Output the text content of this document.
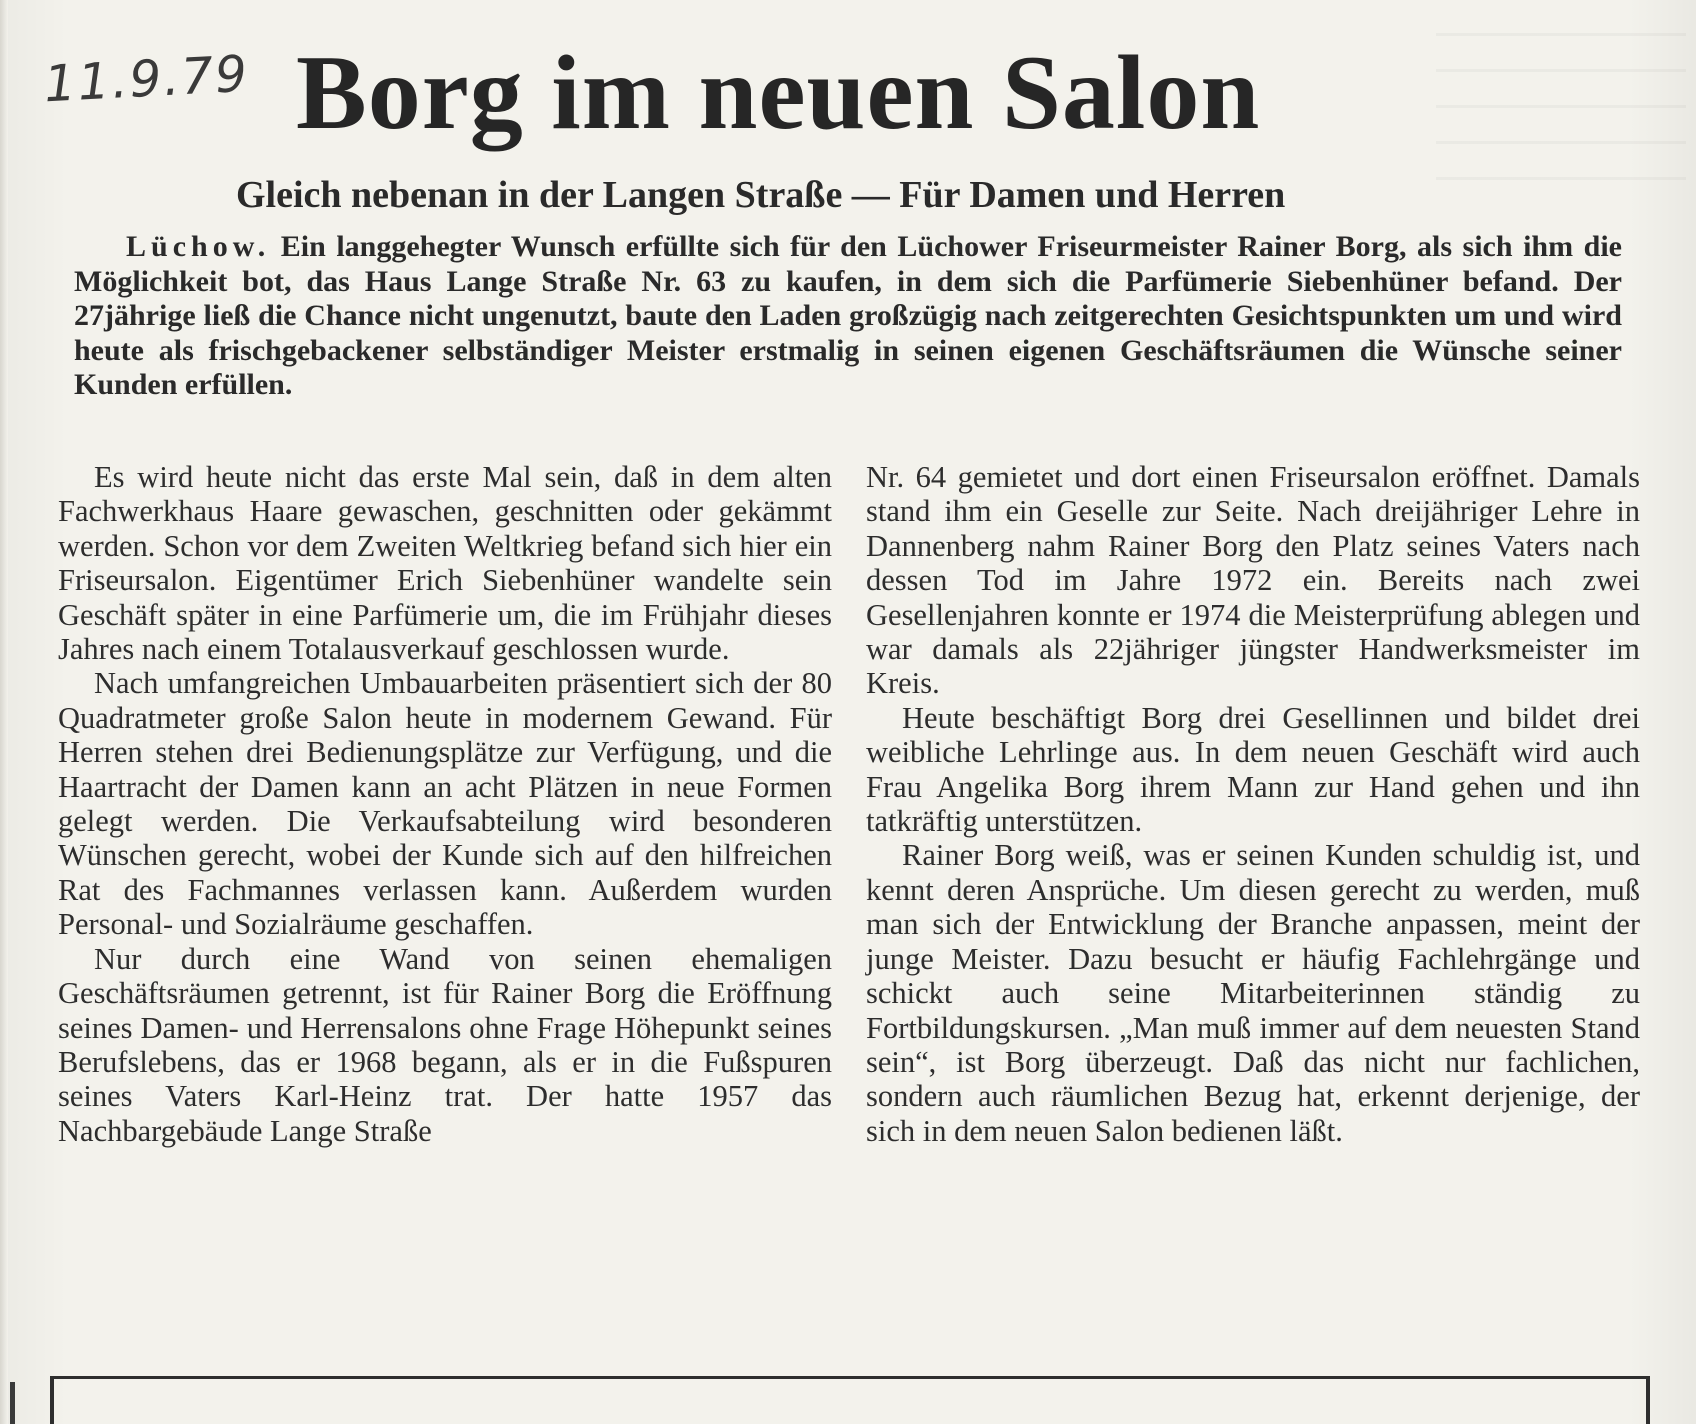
11.9.79 Borg im neuen Salon
Gleich nebenan in der Langen Straße — Für Damen und Herren
Lüchow. Ein langgehegter Wunsch erfüllte sich für den Lüchower Friseurmeister Rainer Borg, als sich ihm die Möglichkeit bot, das Haus Lange Straße Nr. 63 zu kaufen, in dem sich die Parfümerie Siebenhüner befand. Der 27jährige ließ die Chance nicht ungenutzt, baute den Laden großzügig nach zeitgerechten Gesichtspunkten um und wird heute als frischgebackener selbständiger Meister erstmalig in seinen eigenen Geschäftsräumen die Wünsche seiner Kunden erfüllen.

Es wird heute nicht das erste Mal sein, daß in dem alten Fachwerkhaus Haare gewaschen, geschnitten oder gekämmt werden. Schon vor dem Zweiten Weltkrieg befand sich hier ein Friseursalon. Eigentümer Erich Siebenhüner wandelte sein Geschäft später in eine Parfümerie um, die im Frühjahr dieses Jahres nach einem Totalausverkauf geschlossen wurde.

Nach umfangreichen Umbauarbeiten präsentiert sich der 80 Quadratmeter große Salon heute in modernem Gewand. Für Herren stehen drei Bedienungsplätze zur Verfügung, und die Haartracht der Damen kann an acht Plätzen in neue Formen gelegt werden. Die Verkaufsabteilung wird besonderen Wünschen gerecht, wobei der Kunde sich auf den hilfreichen Rat des Fachmannes verlassen kann. Außerdem wurden Personal- und Sozialräume geschaffen.

Nur durch eine Wand von seinen ehemaligen Geschäftsräumen getrennt, ist für Rainer Borg die Eröffnung seines Damen- und Herrensalons ohne Frage Höhepunkt seines Berufslebens, das er 1968 begann, als er in die Fußspuren seines Vaters Karl-Heinz trat. Der hatte 1957 das Nachbargebäude Lange Straße

Nr. 64 gemietet und dort einen Friseursalon eröffnet. Damals stand ihm ein Geselle zur Seite. Nach dreijähriger Lehre in Dannenberg nahm Rainer Borg den Platz seines Vaters nach dessen Tod im Jahre 1972 ein. Bereits nach zwei Gesellenjahren konnte er 1974 die Meisterprüfung ablegen und war damals als 22jähriger jüngster Handwerksmeister im Kreis.

Heute beschäftigt Borg drei Gesellinnen und bildet drei weibliche Lehrlinge aus. In dem neuen Geschäft wird auch Frau Angelika Borg ihrem Mann zur Hand gehen und ihn tatkräftig unterstützen.

Rainer Borg weiß, was er seinen Kunden schuldig ist, und kennt deren Ansprüche. Um diesen gerecht zu werden, muß man sich der Entwicklung der Branche anpassen, meint der junge Meister. Dazu besucht er häufig Fachlehrgänge und schickt auch seine Mitarbeiterinnen ständig zu Fortbildungskursen. „Man muß immer auf dem neuesten Stand sein“, ist Borg überzeugt. Daß das nicht nur fachlichen, sondern auch räumlichen Bezug hat, erkennt derjenige, der sich in dem neuen Salon bedienen läßt.
